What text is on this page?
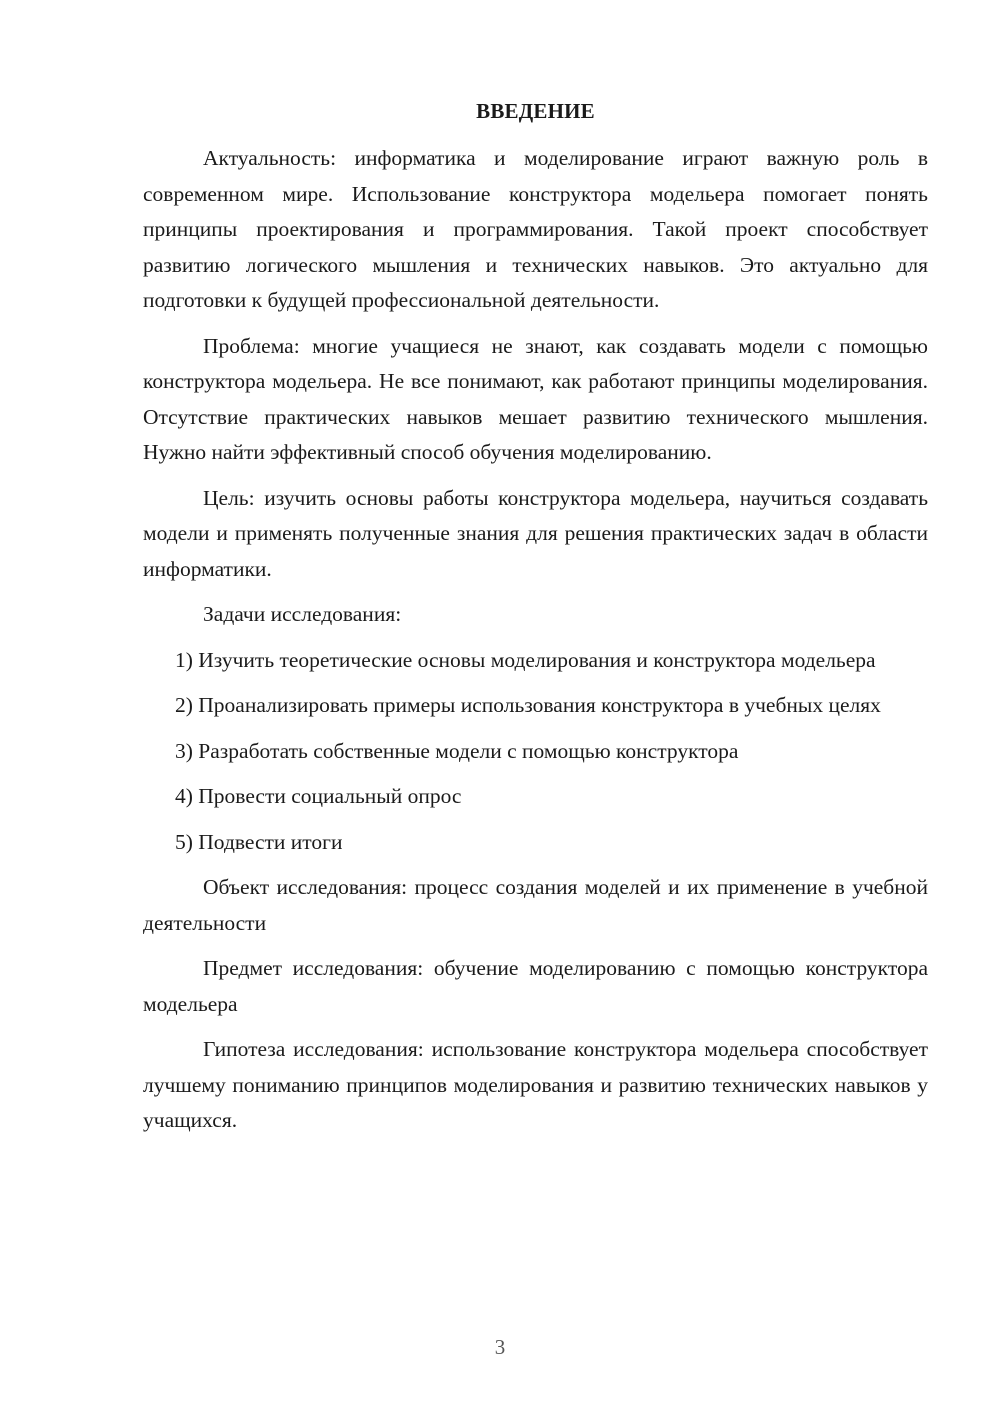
ВВЕДЕНИЕ

Актуальность: информатика и моделирование играют важную роль в современном мире. Использование конструктора модельера помогает понять принципы проектирования и программирования. Такой проект способствует развитию логического мышления и технических навыков. Это актуально для подготовки к будущей профессиональной деятельности.

Проблема: многие учащиеся не знают, как создавать модели с помощью конструктора модельера. Не все понимают, как работают принципы моделирования. Отсутствие практических навыков мешает развитию технического мышления. Нужно найти эффективный способ обучения моделированию.

Цель: изучить основы работы конструктора модельера, научиться создавать модели и применять полученные знания для решения практических задач в области информатики.

Задачи исследования:

1) Изучить теоретические основы моделирования и конструктора модельера

2) Проанализировать примеры использования конструктора в учебных целях

3) Разработать собственные модели с помощью конструктора

4) Провести социальный опрос

5) Подвести итоги

Объект исследования: процесс создания моделей и их применение в учебной деятельности

Предмет исследования: обучение моделированию с помощью конструктора модельера

Гипотеза исследования: использование конструктора модельера способствует лучшему пониманию принципов моделирования и развитию технических навыков у учащихся.

3
